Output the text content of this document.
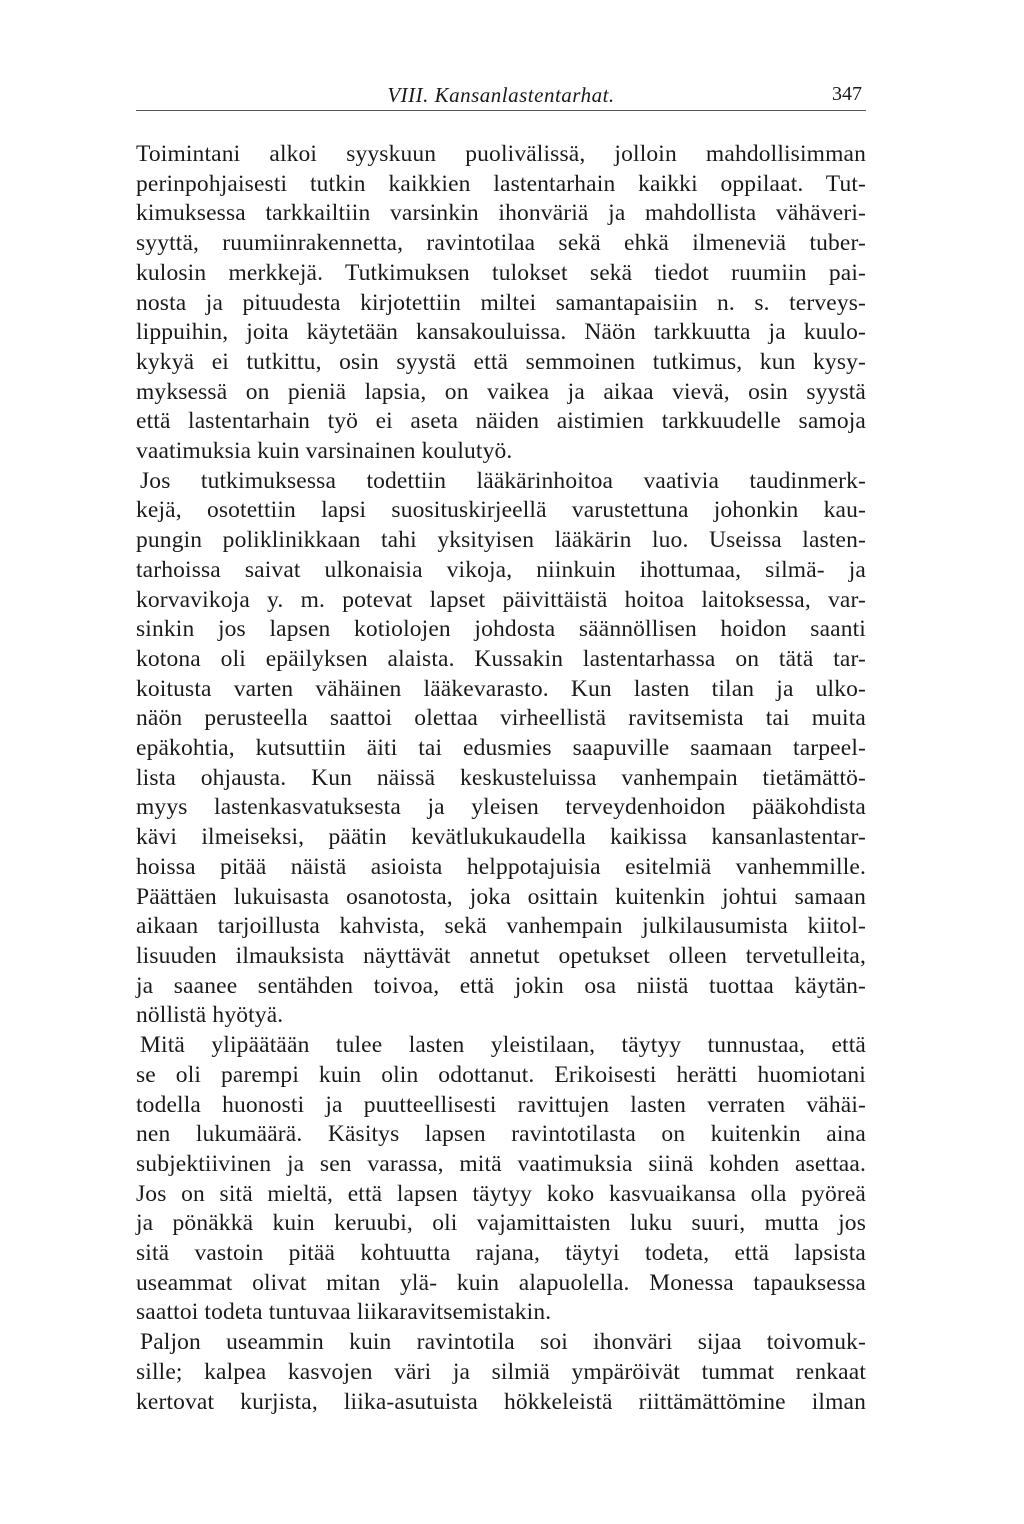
VIII. Kansanlastentarhat.	347
Toimintani alkoi syyskuun puolivälissä, jolloin mahdollisimman
perinpohjaisesti tutkin kaikkien lastentarhain kaikki oppilaat. Tut-
kimuksessa tarkkailtiin varsinkin ihonväriä ja mahdollista vähäveri-
syyttä, ruumiinrakennetta, ravintotilaa sekä ehkä ilmeneviä tuber-
kulosin merkkejä. Tutkimuksen tulokset sekä tiedot ruumiin pai-
nosta ja pituudesta kirjotettiin miltei samantapaisiin n. s. terveys-
lippuihin, joita käytetään kansakouluissa. Näön tarkkuutta ja kuulo-
kykyä ei tutkittu, osin syystä että semmoinen tutkimus, kun kysy-
myksessä on pieniä lapsia, on vaikea ja aikaa vievä, osin syystä
että lastentarhain työ ei aseta näiden aistimien tarkkuudelle samoja
vaatimuksia kuin varsinainen koulutyö.
Jos tutkimuksessa todettiin lääkärinhoitoa vaativia taudinmerk-
kejä, osotettiin lapsi suosituskirjeellä varustettuna johonkin kau-
pungin poliklinikkaan tahi yksityisen lääkärin luo. Useissa lasten-
tarhoissa saivat ulkonaisia vikoja, niinkuin ihottumaa, silmä- ja
korvavikoja y. m. potevat lapset päivittäistä hoitoa laitoksessa, var-
sinkin jos lapsen kotiolojen johdosta säännöllisen hoidon saanti
kotona oli epäilyksen alaista. Kussakin lastentarhassa on tätä tar-
koitusta varten vähäinen lääkevarasto. Kun lasten tilan ja ulko-
näön perusteella saattoi olettaa virheellistä ravitsemista tai muita
epäkohtia, kutsuttiin äiti tai edusmies saapuville saamaan tarpeel-
lista ohjausta. Kun näissä keskusteluissa vanhempain tietämättö-
myys lastenkasvatuksesta ja yleisen terveydenhoidon pääkohdista
kävi ilmeiseksi, päätin kevätlukukaudella kaikissa kansanlastentar-
hoissa pitää näistä asioista helppotajuisia esitelmiä vanhemmille.
Päättäen lukuisasta osanotosta, joka osittain kuitenkin johtui samaan
aikaan tarjoillusta kahvista, sekä vanhempain julkilausumista kiitol-
lisuuden ilmauksista näyttävät annetut opetukset olleen tervetulleita,
ja saanee sentähden toivoa, että jokin osa niistä tuottaa käytän-
nöllistä hyötyä.
Mitä ylipäätään tulee lasten yleistilaan, täytyy tunnustaa, että
se oli parempi kuin olin odottanut. Erikoisesti herätti huomiotani
todella huonosti ja puutteellisesti ravittujen lasten verraten vähäi-
nen lukumäärä. Käsitys lapsen ravintotilasta on kuitenkin aina
subjektiivinen ja sen varassa, mitä vaatimuksia siinä kohden asettaa.
Jos on sitä mieltä, että lapsen täytyy koko kasvuaikansa olla pyöreä
ja pönäkkä kuin keruubi, oli vajamittaisten luku suuri, mutta jos
sitä vastoin pitää kohtuutta rajana, täytyi todeta, että lapsista
useammat olivat mitan ylä- kuin alapuolella. Monessa tapauksessa
saattoi todeta tuntuvaa liikaravitsemistakin.
Paljon useammin kuin ravintotila soi ihonväri sijaa toivomuk-
sille; kalpea kasvojen väri ja silmiä ympäröivät tummat renkaat
kertovat kurjista, liika-asutuista hökkeleistä riittämättömine ilman
